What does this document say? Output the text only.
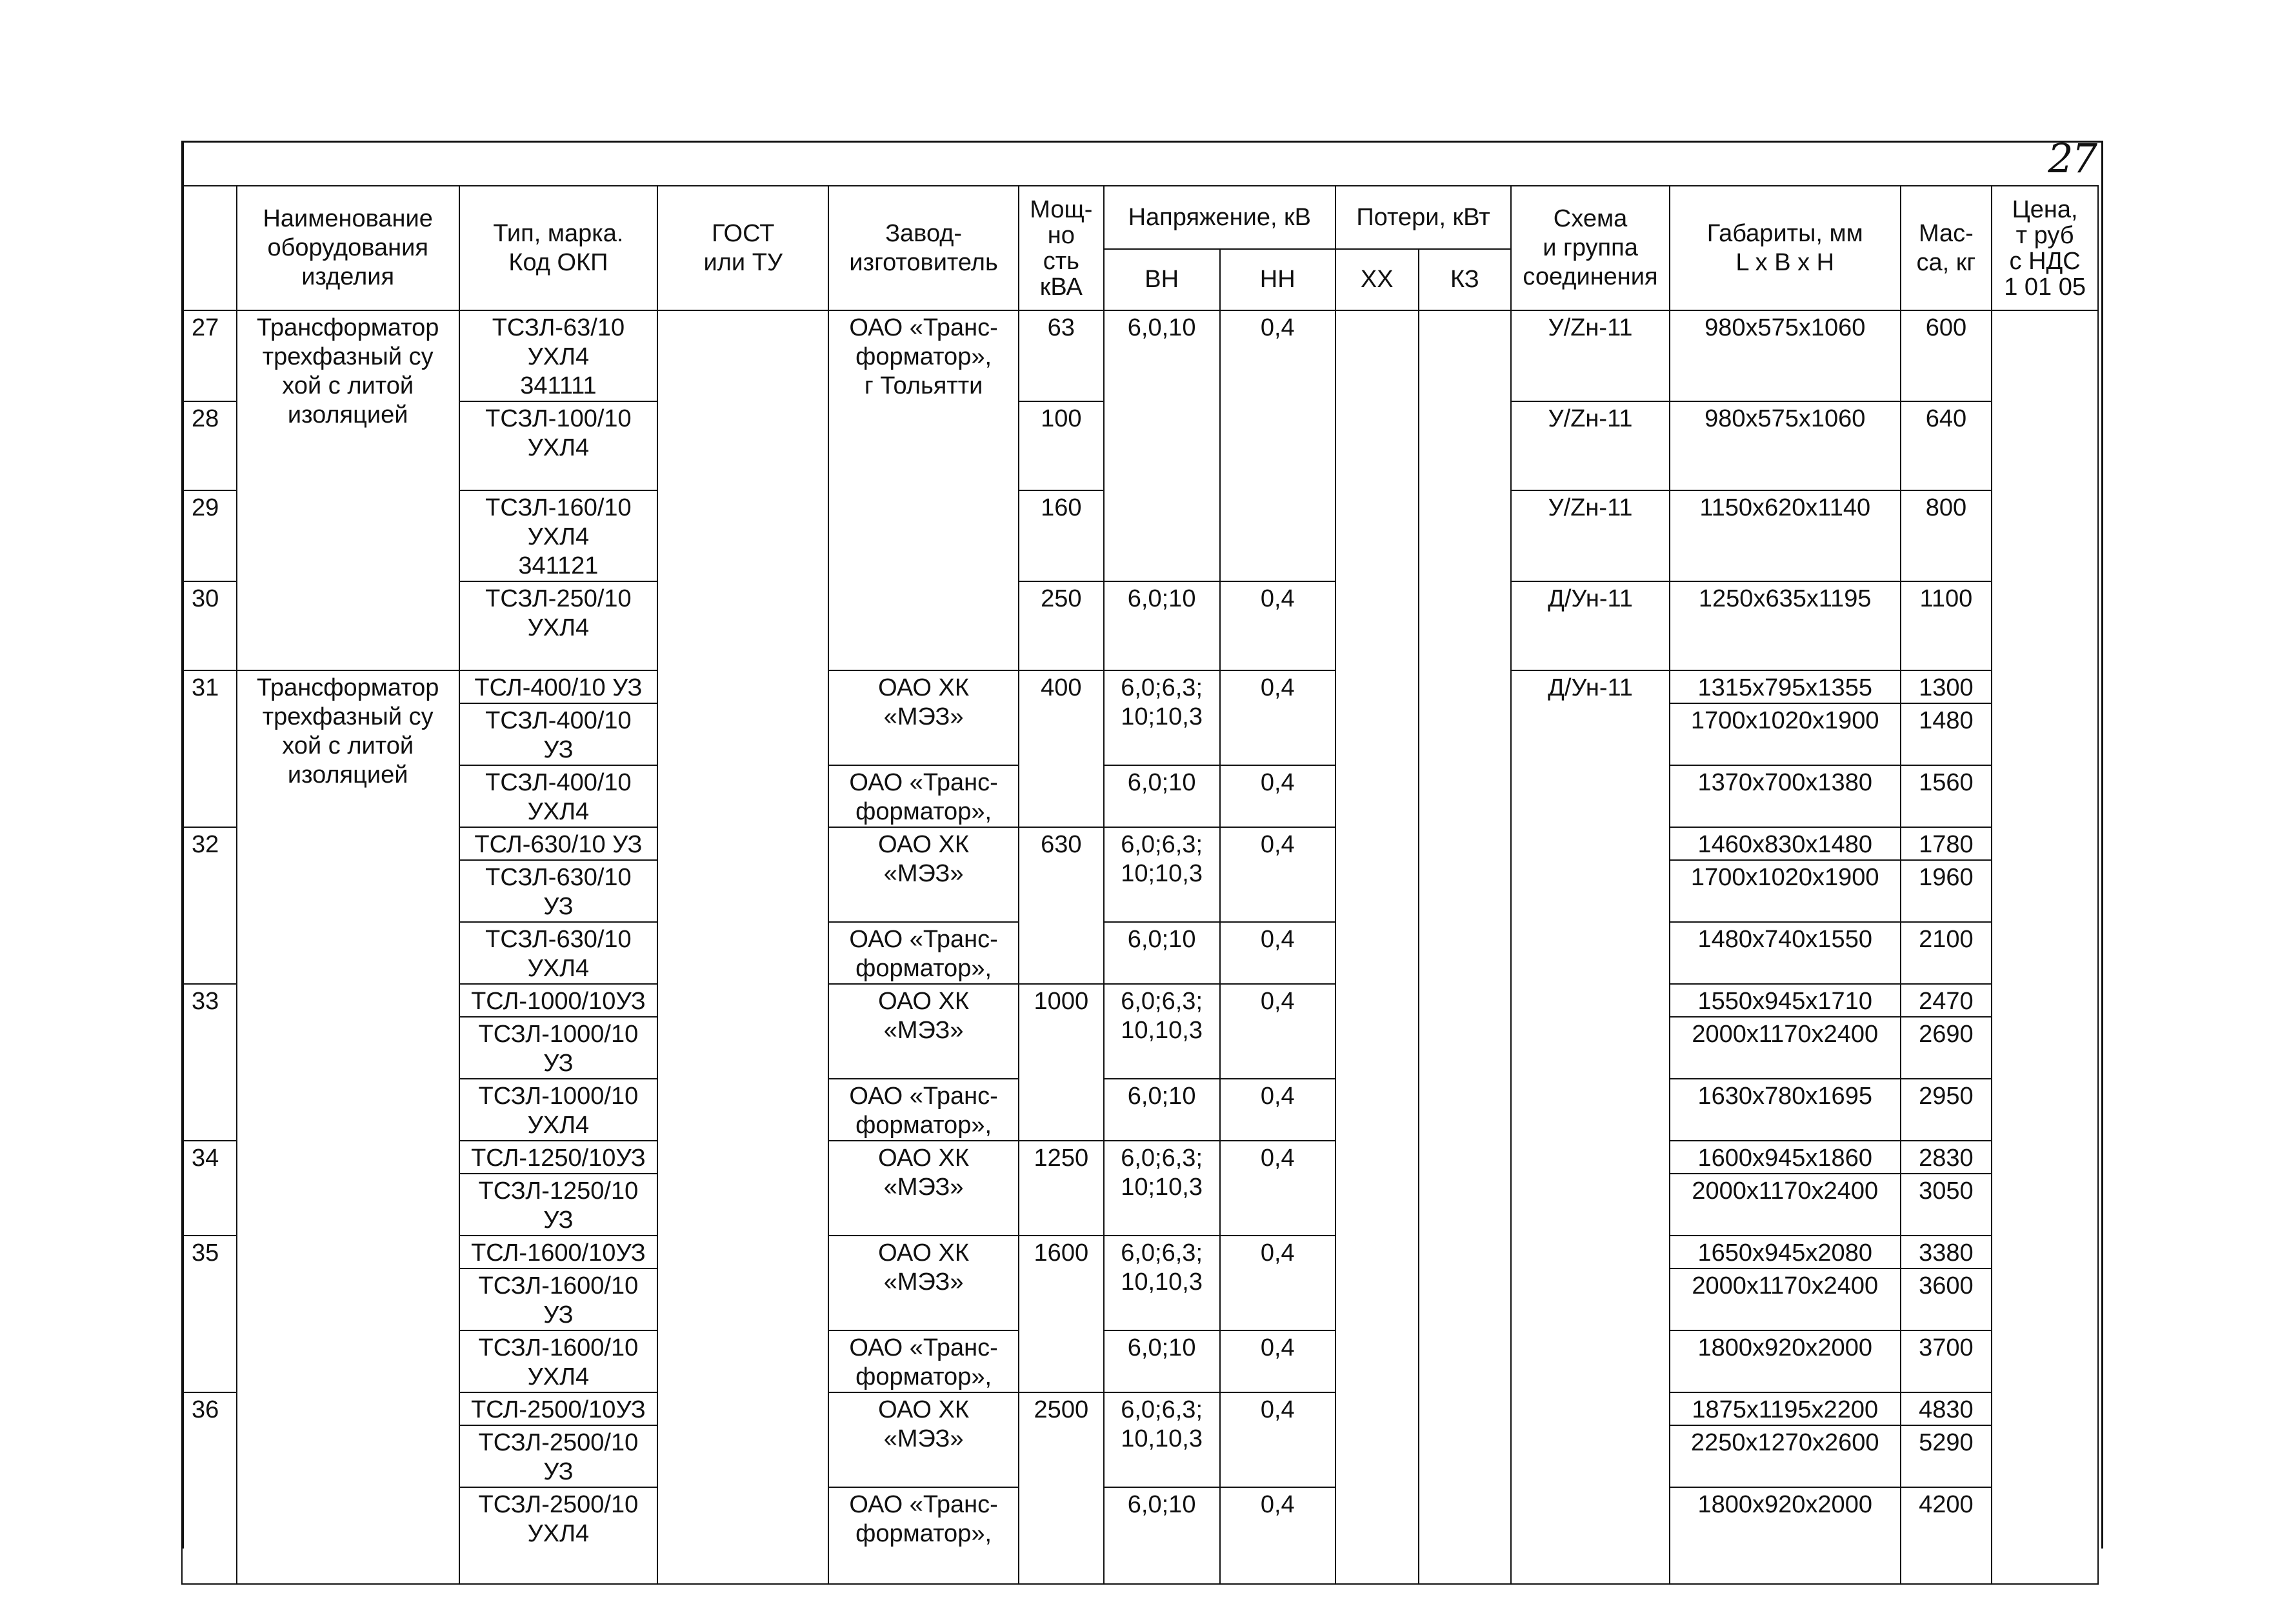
27
	Наименование
оборудования
изделия	Тип, марка.
Код ОКП	ГОСТ
или ТУ	Завод-
изготовитель	Мощ-
но
сть
кВА	Напряжение, кВ		Потери, кВт		Схема
и группа
соединения	Габариты, мм
L x B x H	Мас-
са, кг	Цена,
т руб
с НДС
1 01 05
						ВН	НН	ХХ	КЗ				
27	Трансформатор
трехфазный су
хой с литой
изоляцией	ТСЗЛ-63/10
УХЛ4
341111		ОАО «Транс-
форматор»,
г Тольятти	63	6,0,10	0,4			У/Zн-11	980x575x1060	600	
28		ТСЗЛ-100/10
УХЛ4			100					У/Zн-11	980x575x1060	640	
29		ТСЗЛ-160/10
УХЛ4
341121			160					У/Zн-11	1150x620x1140	800	
30		ТСЗЛ-250/10
УХЛ4			250	6,0;10	0,4			Д/Ун-11	1250x635x1195	1100	
31	Трансформатор
трехфазный су
хой с литой
изоляцией	ТСЛ-400/10 УЗ		ОАО ХК
«МЭЗ»	400	6,0;6,3;
10;10,3	0,4			Д/Ун-11	1315x795x1355	1300	
		ТСЗЛ-400/10
УЗ									1700x1020x1900	1480	
		ТСЗЛ-400/10
УХЛ4		ОАО «Транс-
форматор»,		6,0;10	0,4				1370x700x1380	1560	
32		ТСЛ-630/10 УЗ		ОАО ХК
«МЭЗ»	630	6,0;6,3;
10;10,3	0,4				1460x830x1480	1780	
		ТСЗЛ-630/10
УЗ									1700x1020x1900	1960	
		ТСЗЛ-630/10
УХЛ4		ОАО «Транс-
форматор»,		6,0;10	0,4				1480x740x1550	2100	
33		ТСЛ-1000/10УЗ		ОАО ХК
«МЭЗ»	1000	6,0;6,3;
10,10,3	0,4				1550x945x1710	2470	
		ТСЗЛ-1000/10
УЗ									2000x1170x2400	2690	
		ТСЗЛ-1000/10
УХЛ4		ОАО «Транс-
форматор»,		6,0;10	0,4				1630x780x1695	2950	
34		ТСЛ-1250/10УЗ		ОАО ХК
«МЭЗ»	1250	6,0;6,3;
10;10,3	0,4				1600x945x1860	2830	
		ТСЗЛ-1250/10
УЗ									2000x1170x2400	3050	
35		ТСЛ-1600/10УЗ		ОАО ХК
«МЭЗ»	1600	6,0;6,3;
10,10,3	0,4				1650x945x2080	3380	
		ТСЗЛ-1600/10
УЗ									2000x1170x2400	3600	
		ТСЗЛ-1600/10
УХЛ4		ОАО «Транс-
форматор»,		6,0;10	0,4				1800x920x2000	3700	
36		ТСЛ-2500/10УЗ		ОАО ХК
«МЭЗ»	2500	6,0;6,3;
10,10,3	0,4				1875x1195x2200	4830	
		ТСЗЛ-2500/10
УЗ									2250x1270x2600	5290	
		ТСЗЛ-2500/10
УХЛ4		ОАО «Транс-
форматор»,		6,0;10	0,4				1800x920x2000	4200	
